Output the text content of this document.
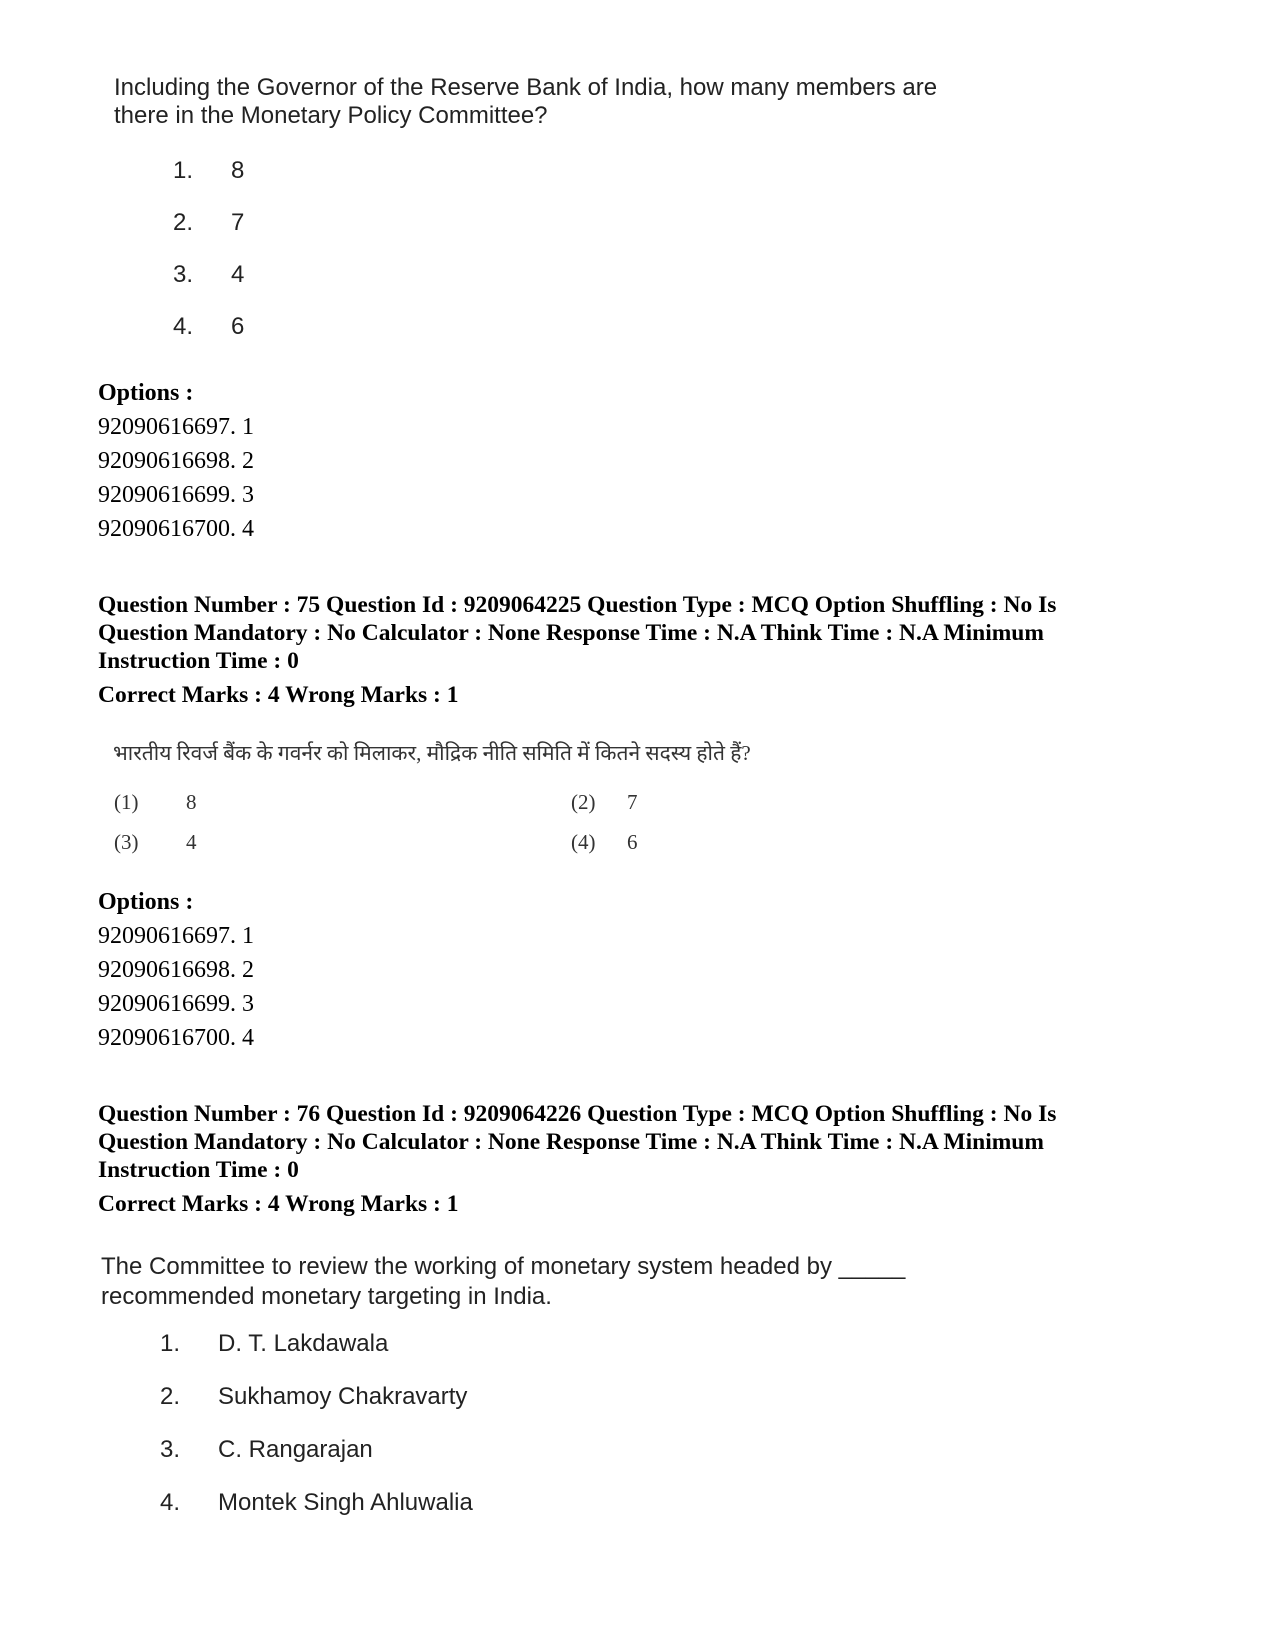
Including the Governor of the Reserve Bank of India, how many members are
there in the Monetary Policy Committee?
1. 8
2. 7
3. 4
4. 6
Options :
92090616697. 1
92090616698. 2
92090616699. 3
92090616700. 4
Question Number : 75 Question Id : 9209064225 Question Type : MCQ Option Shuffling : No Is
Question Mandatory : No Calculator : None Response Time : N.A Think Time : N.A Minimum
Instruction Time : 0
Correct Marks : 4 Wrong Marks : 1
भारतीय रिवर्ज बैंक के गवर्नर को मिलाकर, मौद्रिक नीति समिति में कितने सदस्य होते हैं?
(1) 8	(2) 7
(3) 4	(4) 6
Options :
92090616697. 1
92090616698. 2
92090616699. 3
92090616700. 4
Question Number : 76 Question Id : 9209064226 Question Type : MCQ Option Shuffling : No Is
Question Mandatory : No Calculator : None Response Time : N.A Think Time : N.A Minimum
Instruction Time : 0
Correct Marks : 4 Wrong Marks : 1
The Committee to review the working of monetary system headed by _____
recommended monetary targeting in India.
1. D. T. Lakdawala
2. Sukhamoy Chakravarty
3. C. Rangarajan
4. Montek Singh Ahluwalia
